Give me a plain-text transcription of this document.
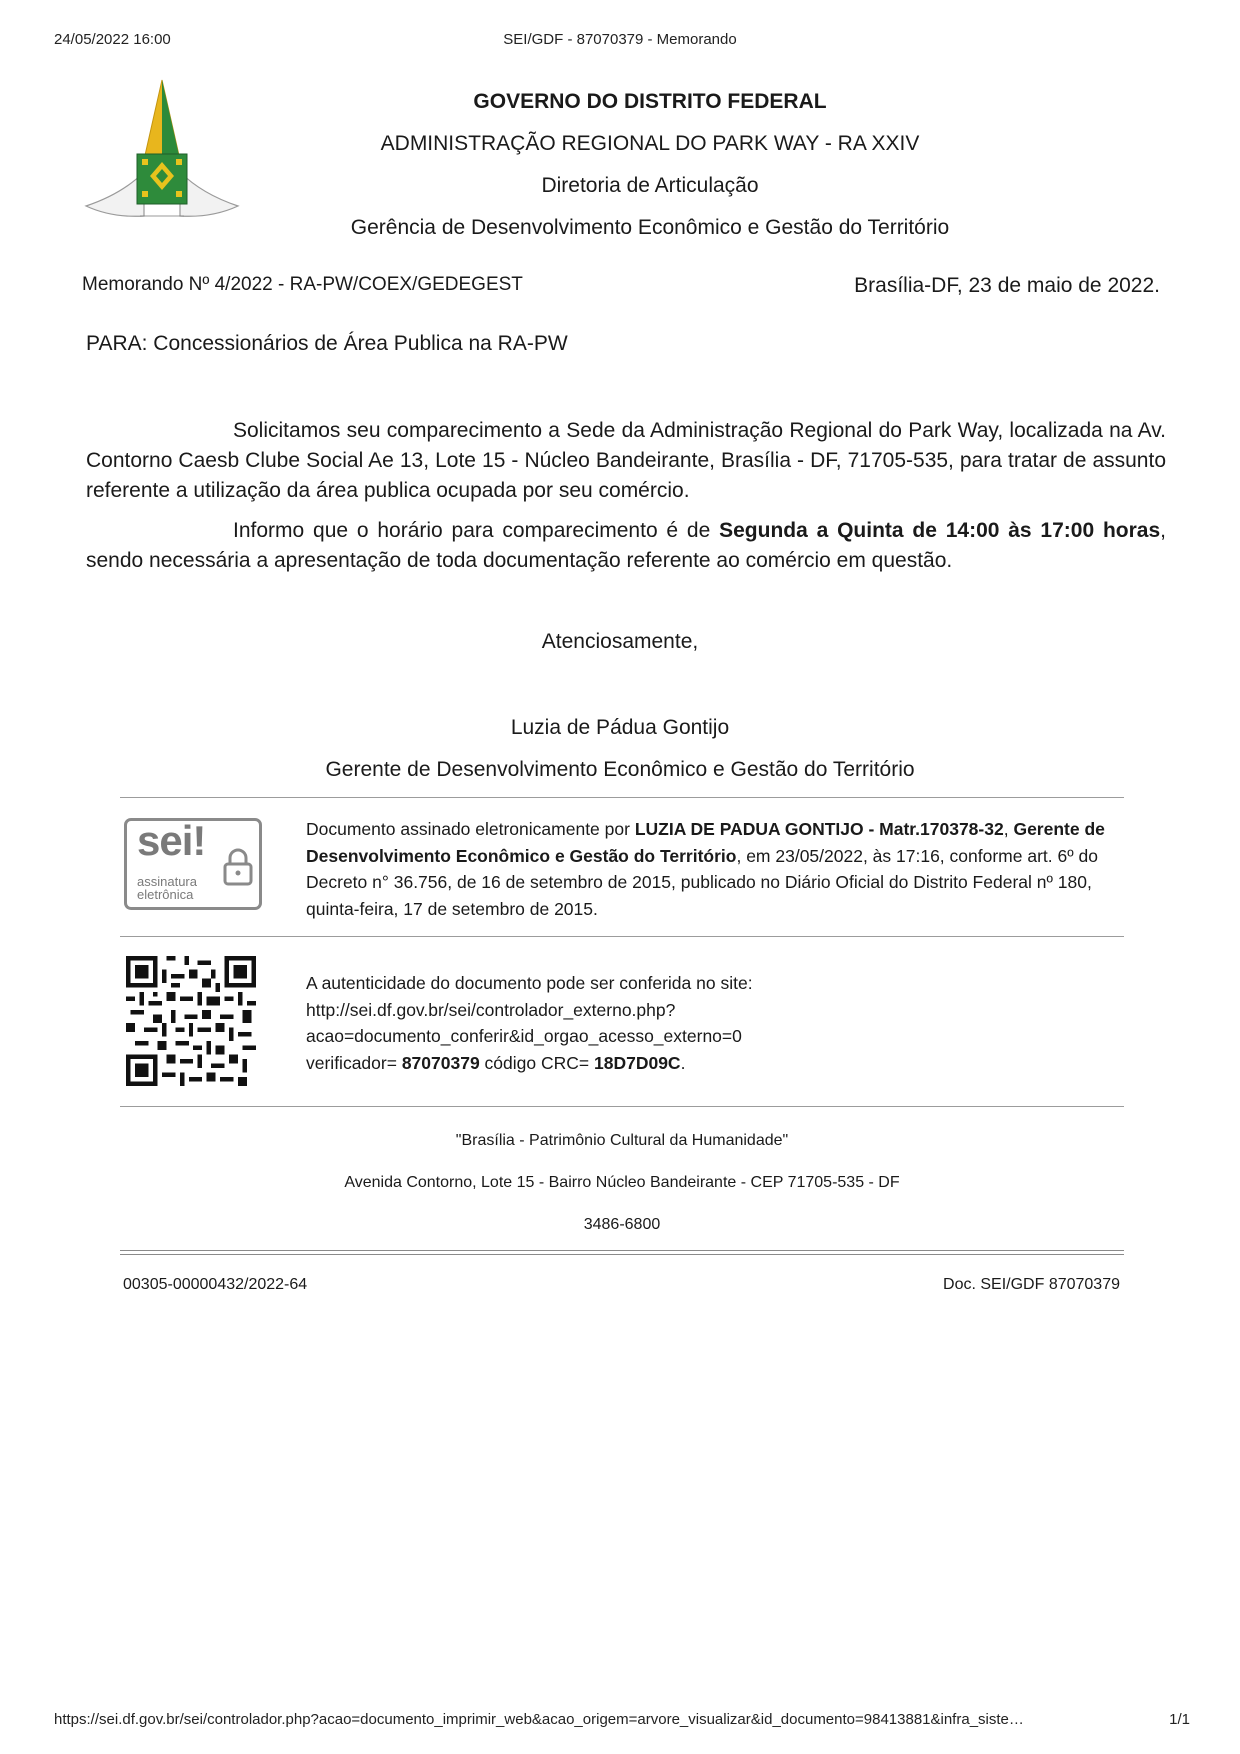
24/05/2022 16:00	SEI/GDF - 87070379 - Memorando
GOVERNO DO DISTRITO FEDERAL
ADMINISTRAÇÃO REGIONAL DO PARK WAY - RA XXIV
Diretoria de Articulação
Gerência de Desenvolvimento Econômico e Gestão do Território
Memorando Nº 4/2022 - RA-PW/COEX/GEDEGEST	Brasília-DF, 23 de maio de 2022.
PARA: Concessionários de Área Publica na RA-PW
Solicitamos seu comparecimento a Sede da Administração Regional do Park Way, localizada na Av. Contorno Caesb Clube Social Ae 13, Lote 15 - Núcleo Bandeirante, Brasília - DF, 71705-535, para tratar de assunto referente a utilização da área publica ocupada por seu comércio.
Informo que o horário para comparecimento é de Segunda a Quinta de 14:00 às 17:00 horas, sendo necessária a apresentação de toda documentação referente ao comércio em questão.
Atenciosamente,
Luzia de Pádua Gontijo
Gerente de Desenvolvimento Econômico e Gestão do Território
sei!
assinatura
eletrônica
Documento assinado eletronicamente por LUZIA DE PADUA GONTIJO - Matr.170378-32, Gerente de Desenvolvimento Econômico e Gestão do Território, em 23/05/2022, às 17:16, conforme art. 6º do Decreto n° 36.756, de 16 de setembro de 2015, publicado no Diário Oficial do Distrito Federal nº 180, quinta-feira, 17 de setembro de 2015.
A autenticidade do documento pode ser conferida no site:
http://sei.df.gov.br/sei/controlador_externo.php?
acao=documento_conferir&id_orgao_acesso_externo=0
verificador= 87070379 código CRC= 18D7D09C.
"Brasília - Patrimônio Cultural da Humanidade"
Avenida Contorno, Lote 15 - Bairro Núcleo Bandeirante - CEP 71705-535 - DF
3486-6800
00305-00000432/2022-64	Doc. SEI/GDF 87070379
https://sei.df.gov.br/sei/controlador.php?acao=documento_imprimir_web&acao_origem=arvore_visualizar&id_documento=98413881&infra_siste…	1/1
